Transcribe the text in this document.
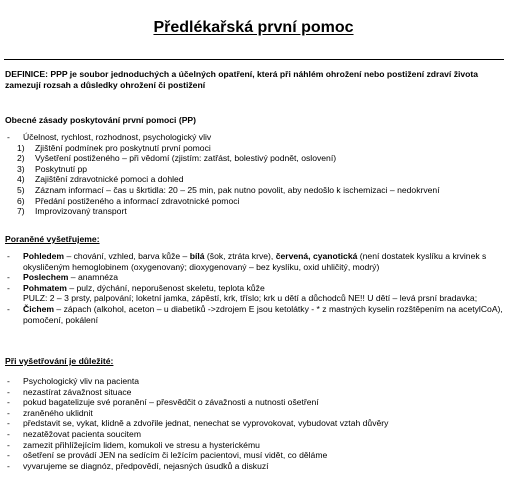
Předlékařská první pomoc
DEFINICE: PPP je soubor jednoduchých a účelných opatření, která při náhlém ohrožení nebo postižení zdraví života zamezují rozsah a důsledky ohrožení či postižení
Obecné zásady poskytování první pomoci (PP)
- Účelnost, rychlost, rozhodnost, psychologický vliv
1) Zjištění podmínek pro poskytnutí první pomoci
2) Vyšetření postiženého – při vědomí (zjistím: zatřást, bolestivý podnět, oslovení)
3) Poskytnutí pp
4) Zajištění zdravotnické pomoci a dohled
5) Záznam informací – čas u škrtidla: 20 – 25 min, pak nutno povolit, aby nedošlo k ischemizaci – nedokrvení
6) Předání postiženého a informací zdravotnické pomoci
7) Improvizovaný transport
Poraněné vyšetřujeme:
- Pohledem – chování, vzhled, barva kůže – bílá (šok, ztráta krve), červená, cyanotická (není dostatek kyslíku a krvinek s okysličeným hemoglobinem (oxygenovaný; dioxygenovaný – bez kyslíku, oxid uhličitý, modrý)
- Poslechem – anamnéza
- Pohmatem – pulz, dýchání, neporušenost skeletu, teplota kůže
PULZ: 2 – 3 prsty, palpování; loketní jamka, zápěstí, krk, tříslo; krk u dětí a důchodců NE!! U dětí – levá prsní bradavka;
- Čichem – zápach (alkohol, aceton – u diabetiků ->zdrojem E jsou ketolátky - * z mastných kyselin rozštěpením na acetylCoA), pomočení, pokálení
Při vyšetřování je důležité:
- Psychologický vliv na pacienta
- nezastírat závažnost situace
- pokud bagatelizuje své poranění – přesvědčit o závažnosti a nutnosti ošetření
- zraněného uklidnit
- představit se, vykat, klidně a zdvořile jednat, nenechat se vyprovokovat, vybudovat vztah důvěry
- nezatěžovat pacienta soucitem
- zamezit přihlížejícím lidem, komukoli ve stresu a hysterickému
- ošetření se provádí JEN na sedícím či ležícím pacientovi, musí vidět, co děláme
- vyvarujeme se diagnóz, předpovědí, nejasných úsudků a diskuzí
